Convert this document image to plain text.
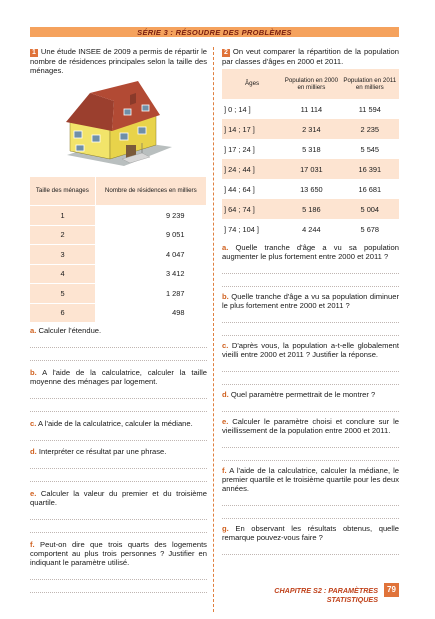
SÉRIE 3 : RÉSOUDRE DES PROBLÈMES

1 Une étude INSEE de 2009 a permis de répartir le nombre de résidences principales selon la taille des ménages.

Taille des ménages	Nombre de résidences en milliers
1	9 239
2	9 051
3	4 047
4	3 412
5	1 287
6	498

a. Calculer l'étendue.

b. A l'aide de la calculatrice, calculer la taille moyenne des ménages par logement.

c. A l'aide de la calculatrice, calculer la médiane.

d. Interpréter ce résultat par une phrase.

e. Calculer la valeur du premier et du troisième quartile.

f. Peut-on dire que trois quarts des logements comportent au plus trois personnes ? Justifier en indiquant le paramètre utilisé.

2 On veut comparer la répartition de la population par classes d'âges en 2000 et 2011.

Âges	Population en 2000 en milliers	Population en 2011 en milliers
] 0 ; 14 ]	11 114	11 594
] 14 ; 17 ]	2 314	2 235
] 17 ; 24 ]	5 318	5 545
] 24 ; 44 ]	17 031	16 391
] 44 ; 64 ]	13 650	16 681
] 64 ; 74 ]	5 186	5 004
] 74 ; 104 ]	4 244	5 678

a. Quelle tranche d'âge a vu sa population augmenter le plus fortement entre 2000 et 2011 ?

b. Quelle tranche d'âge a vu sa population diminuer le plus fortement entre 2000 et 2011 ?

c. D'après vous, la population a-t-elle globalement vieilli entre 2000 et 2011 ? Justifier la réponse.

d. Quel paramètre permettrait de le montrer ?

e. Calculer le paramètre choisi et conclure sur le vieillissement de la population entre 2000 et 2011.

f. A l'aide de la calculatrice, calculer la médiane, le premier quartile et le troisième quartile pour les deux années.

g. En observant les résultats obtenus, quelle remarque pouvez-vous faire ?

CHAPITRE S2 : PARAMÈTRES STATISTIQUES
79
